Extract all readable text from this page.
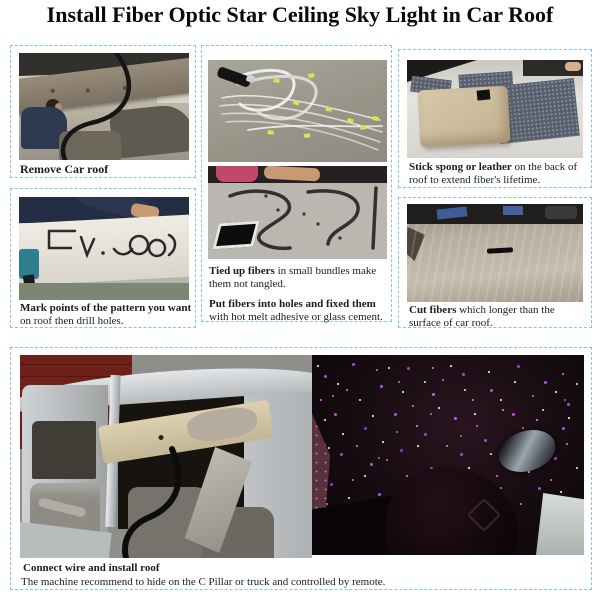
Install Fiber Optic Star Ceiling Sky Light in Car Roof

Remove Car roof

Tied up fibers in small bundles make them not tangled.

Put fibers into holes and fixed them with hot melt adhesive or glass cement.

Stick spong or leather on the back of roof to extend fiber's lifetime.

Mark points of the pattern you want on roof then drill holes.

Cut fibers which longer than the surface of car roof.

Connect wire and install roof

The machine recommend to hide on the C Pillar or truck and controlled by remote.
